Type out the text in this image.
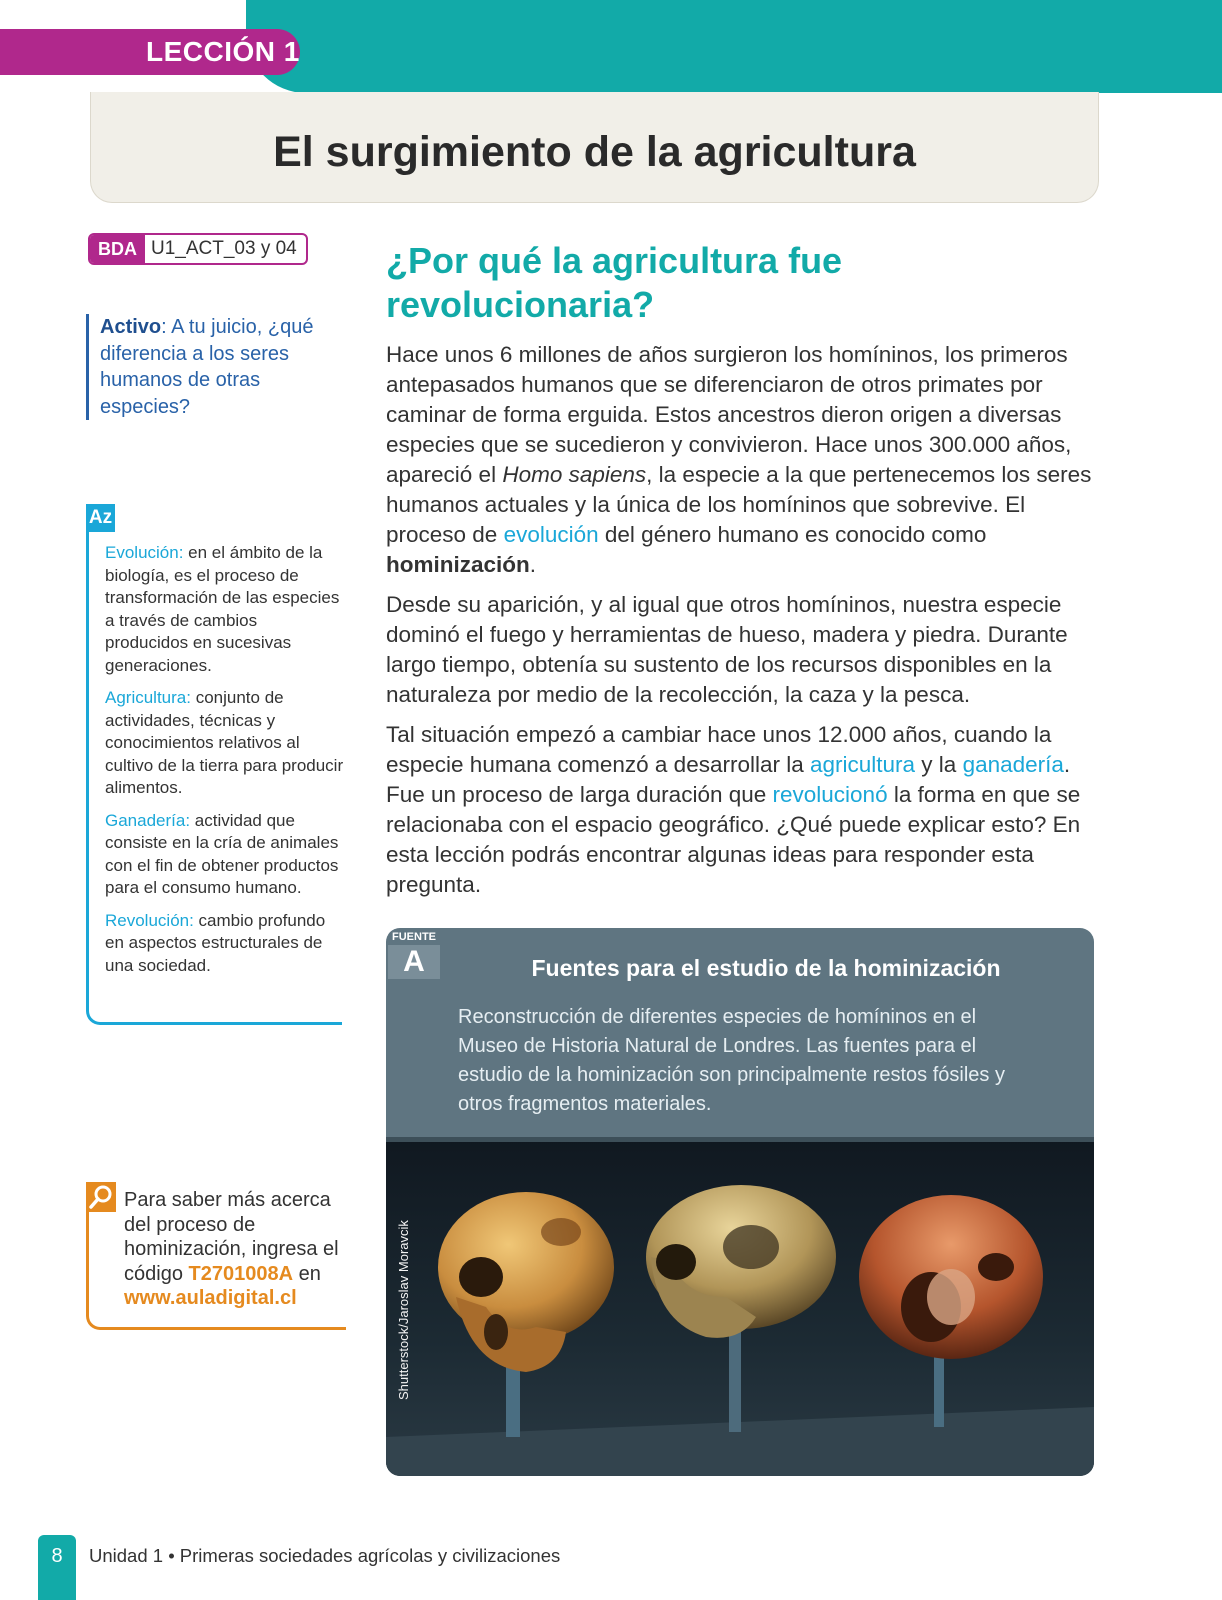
LECCIÓN 1
El surgimiento de la agricultura
BDA U1_ACT_03 y 04
Activo: A tu juicio, ¿qué diferencia a los seres humanos de otras especies?
Az
Evolución: en el ámbito de la biología, es el proceso de transformación de las especies a través de cambios producidos en sucesivas generaciones.
Agricultura: conjunto de actividades, técnicas y conocimientos relativos al cultivo de la tierra para producir alimentos.
Ganadería: actividad que consiste en la cría de animales con el fin de obtener productos para el consumo humano.
Revolución: cambio profundo en aspectos estructurales de una sociedad.
Para saber más acerca del proceso de hominización, ingresa el código T2701008A en www.auladigital.cl
¿Por qué la agricultura fue revolucionaria?

Hace unos 6 millones de años surgieron los homíninos, los primeros antepasados humanos que se diferenciaron de otros primates por caminar de forma erguida. Estos ancestros dieron origen a diversas especies que se sucedieron y convivieron. Hace unos 300.000 años, apareció el Homo sapiens, la especie a la que pertenecemos los seres humanos actuales y la única de los homíninos que sobrevive. El proceso de evolución del género humano es conocido como hominización.

Desde su aparición, y al igual que otros homíninos, nuestra especie dominó el fuego y herramientas de hueso, madera y piedra. Durante largo tiempo, obtenía su sustento de los recursos disponibles en la naturaleza por medio de la recolección, la caza y la pesca.

Tal situación empezó a cambiar hace unos 12.000 años, cuando la especie humana comenzó a desarrollar la agricultura y la ganadería. Fue un proceso de larga duración que revolucionó la forma en que se relacionaba con el espacio geográfico. ¿Qué puede explicar esto? En esta lección podrás encontrar algunas ideas para responder esta pregunta.

FUENTE
A	Fuentes para el estudio de la hominización
Reconstrucción de diferentes especies de homíninos en el Museo de Historia Natural de Londres. Las fuentes para el estudio de la hominización son principalmente restos fósiles y otros fragmentos materiales.
8	Unidad 1 • Primeras sociedades agrícolas y civilizaciones
